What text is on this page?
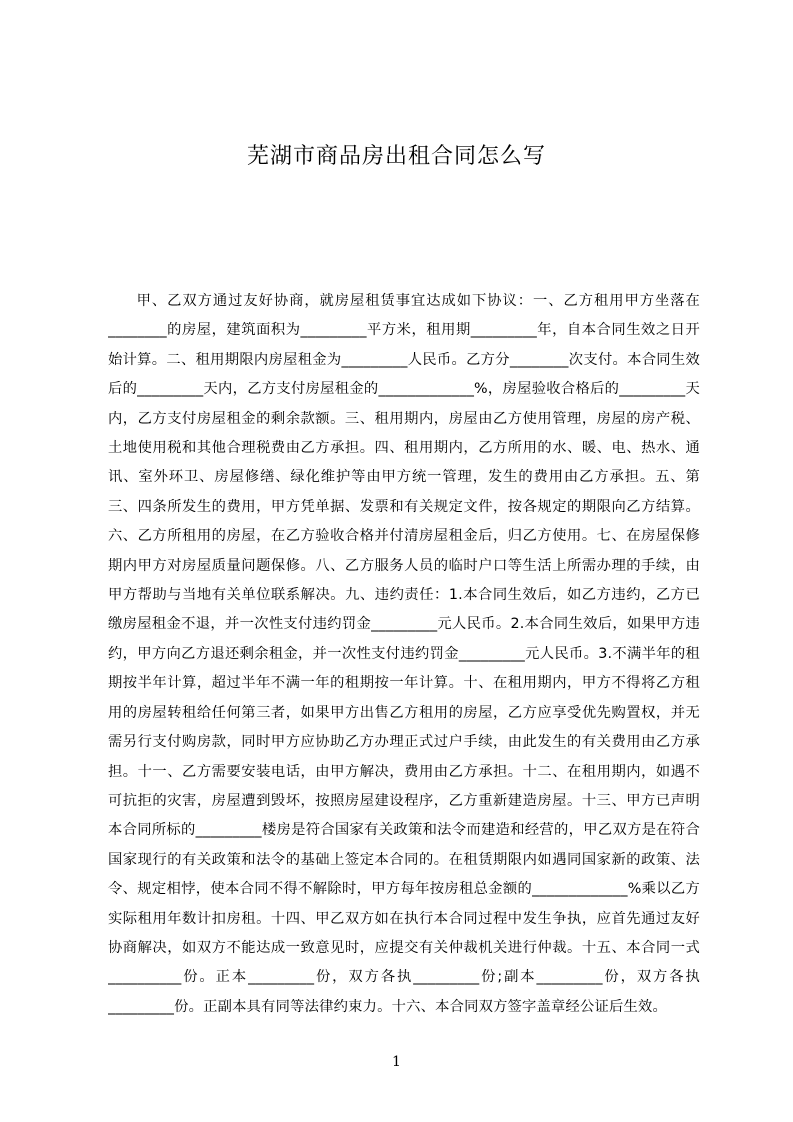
芜湖市商品房出租合同怎么写

甲、乙双方通过友好协商，就房屋租赁事宜达成如下协议：一、乙方租用甲方坐落在________的房屋，建筑面积为_________平方米，租用期_________年，自本合同生效之日开始计算。二、租用期限内房屋租金为_________人民币。乙方分________次支付。本合同生效后的_________天内，乙方支付房屋租金的_____________%，房屋验收合格后的_________天内，乙方支付房屋租金的剩余款额。三、租用期内，房屋由乙方使用管理，房屋的房产税、土地使用税和其他合理税费由乙方承担。四、租用期内，乙方所用的水、暖、电、热水、通讯、室外环卫、房屋修缮、绿化维护等由甲方统一管理，发生的费用由乙方承担。五、第三、四条所发生的费用，甲方凭单据、发票和有关规定文件，按各规定的期限向乙方结算。六、乙方所租用的房屋，在乙方验收合格并付清房屋租金后，归乙方使用。七、在房屋保修期内甲方对房屋质量问题保修。八、乙方服务人员的临时户口等生活上所需办理的手续，由甲方帮助与当地有关单位联系解决。九、违约责任：1.本合同生效后，如乙方违约，乙方已缴房屋租金不退，并一次性支付违约罚金_________元人民币。2.本合同生效后，如果甲方违约，甲方向乙方退还剩余租金，并一次性支付违约罚金_________元人民币。3.不满半年的租期按半年计算，超过半年不满一年的租期按一年计算。十、在租用期内，甲方不得将乙方租用的房屋转租给任何第三者，如果甲方出售乙方租用的房屋，乙方应享受优先购置权，并无需另行支付购房款，同时甲方应协助乙方办理正式过户手续，由此发生的有关费用由乙方承担。十一、乙方需要安装电话，由甲方解决，费用由乙方承担。十二、在租用期内，如遇不可抗拒的灾害，房屋遭到毁坏，按照房屋建设程序，乙方重新建造房屋。十三、甲方已声明本合同所标的_________楼房是符合国家有关政策和法令而建造和经营的，甲乙双方是在符合国家现行的有关政策和法令的基础上签定本合同的。在租赁期限内如遇同国家新的政策、法令、规定相悖，使本合同不得不解除时，甲方每年按房租总金额的_____________%乘以乙方实际租用年数计扣房租。十四、甲乙双方如在执行本合同过程中发生争执，应首先通过友好协商解决，如双方不能达成一致意见时，应提交有关仲裁机关进行仲裁。十五、本合同一式__________份。正本_________份，双方各执_________份;副本_________份，双方各执_________份。正副本具有同等法律约束力。十六、本合同双方签字盖章经公证后生效。

1
